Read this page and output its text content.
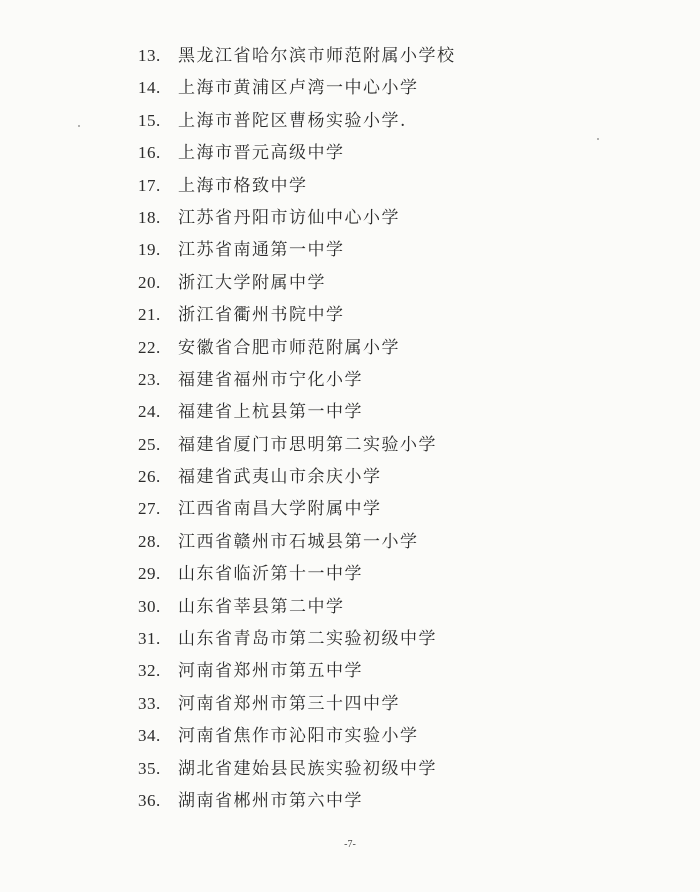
13. 黑龙江省哈尔滨市师范附属小学校
14. 上海市黄浦区卢湾一中心小学
15. 上海市普陀区曹杨实验小学.
16. 上海市晋元高级中学
17. 上海市格致中学
18. 江苏省丹阳市访仙中心小学
19. 江苏省南通第一中学
20. 浙江大学附属中学
21. 浙江省衢州书院中学
22. 安徽省合肥市师范附属小学
23. 福建省福州市宁化小学
24. 福建省上杭县第一中学
25. 福建省厦门市思明第二实验小学
26. 福建省武夷山市余庆小学
27. 江西省南昌大学附属中学
28. 江西省赣州市石城县第一小学
29. 山东省临沂第十一中学
30. 山东省莘县第二中学
31. 山东省青岛市第二实验初级中学
32. 河南省郑州市第五中学
33. 河南省郑州市第三十四中学
34. 河南省焦作市沁阳市实验小学
35. 湖北省建始县民族实验初级中学
36. 湖南省郴州市第六中学
-7-
